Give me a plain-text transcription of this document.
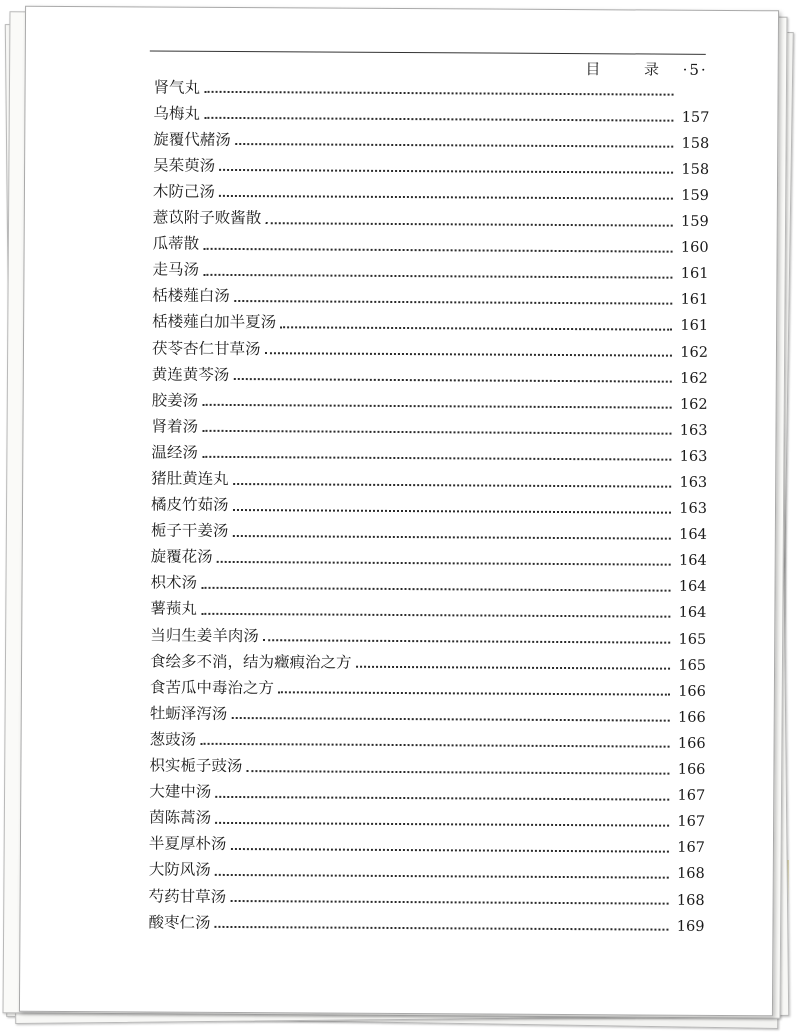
目	录 ·5·
肾气丸
乌梅丸	157
旋覆代赭汤	158
吴茱萸汤	158
木防己汤	159
薏苡附子败酱散	159
瓜蒂散	160
走马汤	161
栝楼薤白汤	161
栝楼薤白加半夏汤	161
茯苓杏仁甘草汤	162
黄连黄芩汤	162
胶姜汤	162
肾着汤	163
温经汤	163
猪肚黄连丸	163
橘皮竹茹汤	163
栀子干姜汤	164
旋覆花汤	164
枳术汤	164
薯蓣丸	164
当归生姜羊肉汤	165
食绘多不消，结为癥瘕治之方	165
食苦瓜中毒治之方	166
牡蛎泽泻汤	166
葱豉汤	166
枳实栀子豉汤	166
大建中汤	167
茵陈蒿汤	167
半夏厚朴汤	167
大防风汤	168
芍药甘草汤	168
酸枣仁汤	169
